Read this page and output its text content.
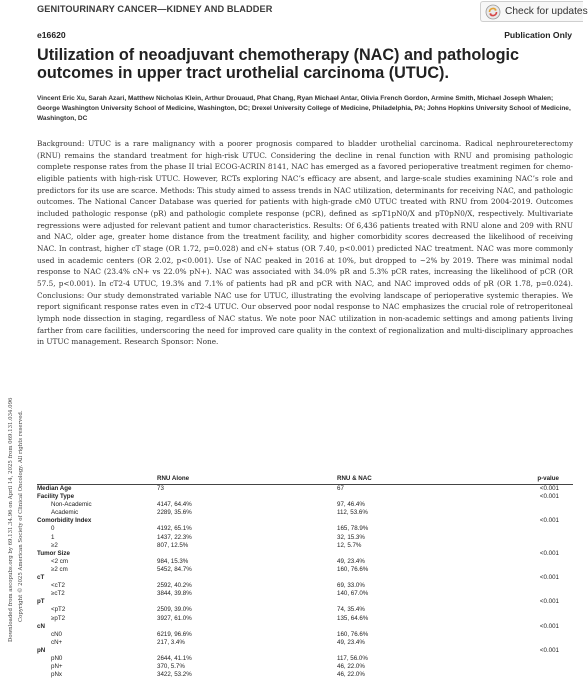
GENITOURINARY CANCER—KIDNEY AND BLADDER	Check for updates
e16620	Publication Only
Utilization of neoadjuvant chemotherapy (NAC) and pathologic outcomes in upper tract urothelial carcinoma (UTUC).
Vincent Eric Xu, Sarah Azari, Matthew Nicholas Klein, Arthur Drouaud, Phat Chang, Ryan Michael Antar, Olivia French Gordon, Armine Smith, Michael Joseph Whalen; George Washington University School of Medicine, Washington, DC; Drexel University College of Medicine, Philadelphia, PA; Johns Hopkins University School of Medicine, Washington, DC
Background: UTUC is a rare malignancy with a poorer prognosis compared to bladder urothelial carcinoma. Radical nephroureterectomy (RNU) remains the standard treatment for high-risk UTUC. Considering the decline in renal function with RNU and promising pathologic complete response rates from the phase II trial ECOG-ACRIN 8141, NAC has emerged as a favored perioperative treatment regimen for chemo-eligible patients with high-risk UTUC. However, RCTs exploring NAC’s efficacy are absent, and large-scale studies examining NAC’s role and predictors for its use are scarce. Methods: This study aimed to assess trends in NAC utilization, determinants for receiving NAC, and pathologic outcomes. The National Cancer Database was queried for patients with high-grade cM0 UTUC treated with RNU from 2004-2019. Outcomes included pathologic response (pR) and pathologic complete response (pCR), defined as ≤pT1pN0/X and pT0pN0/X, respectively. Multivariate regressions were adjusted for relevant patient and tumor characteristics. Results: Of 6,436 patients treated with RNU alone and 209 with RNU and NAC, older age, greater home distance from the treatment facility, and higher comorbidity scores decreased the likelihood of receiving NAC. In contrast, higher cT stage (OR 1.72, p=0.028) and cN+ status (OR 7.40, p<0.001) predicted NAC treatment. NAC was more commonly used in academic centers (OR 2.02, p<0.001). Use of NAC peaked in 2016 at 10%, but dropped to ~2% by 2019. There was minimal nodal response to NAC (23.4% cN+ vs 22.0% pN+). NAC was associated with 34.0% pR and 5.3% pCR rates, increasing the likelihood of pCR (OR 57.5, p<0.001). In cT2-4 UTUC, 19.3% and 7.1% of patients had pR and pCR with NAC, and NAC improved odds of pR (OR 1.78, p=0.024). Conclusions: Our study demonstrated variable NAC use for UTUC, illustrating the evolving landscape of perioperative systemic therapies. We report significant response rates even in cT2-4 UTUC. Our observed poor nodal response to NAC emphasizes the crucial role of retroperitoneal lymph node dissection in staging, regardless of NAC status. We note poor NAC utilization in non-academic settings and among patients living farther from care facilities, underscoring the need for improved care quality in the context of regionalization and multi-disciplinary approaches in UTUC management. Research Sponsor: None.
Downloaded from ascopubs.org by 69.131.34.96 on April 14, 2025 from 069.131.034.096 Copyright © 2025 American Society of Clinical Oncology. All rights reserved.
		RNU Alone	RNU & NAC	p-value
Median Age	73	67	<0.001
Facility Type			<0.001
Non-Academic	4147, 64.4%	97, 46.4%	
Academic	2289, 35.6%	112, 53.6%	
Comorbidity Index			<0.001
0	4192, 65.1%	165, 78.9%	
1	1437, 22.3%	32, 15.3%	
≥2	807, 12.5%	12, 5.7%	
Tumor Size			<0.001
<2 cm	984, 15.3%	49, 23.4%	
≥2 cm	5452, 84.7%	160, 76.6%	
cT			<0.001
<cT2	2592, 40.2%	69, 33.0%	
≥cT2	3844, 39.8%	140, 67.0%	
pT			<0.001
<pT2	2509, 39.0%	74, 35.4%	
≥pT2	3927, 61.0%	135, 64.6%	
cN			<0.001
cN0	6219, 96.6%	160, 76.6%	
cN+	217, 3.4%	49, 23.4%	
pN			<0.001
pN0	2644, 41.1%	117, 56.0%	
pN+	370, 5.7%	46, 22.0%	
pNx	3422, 53.2%	46, 22.0%	
